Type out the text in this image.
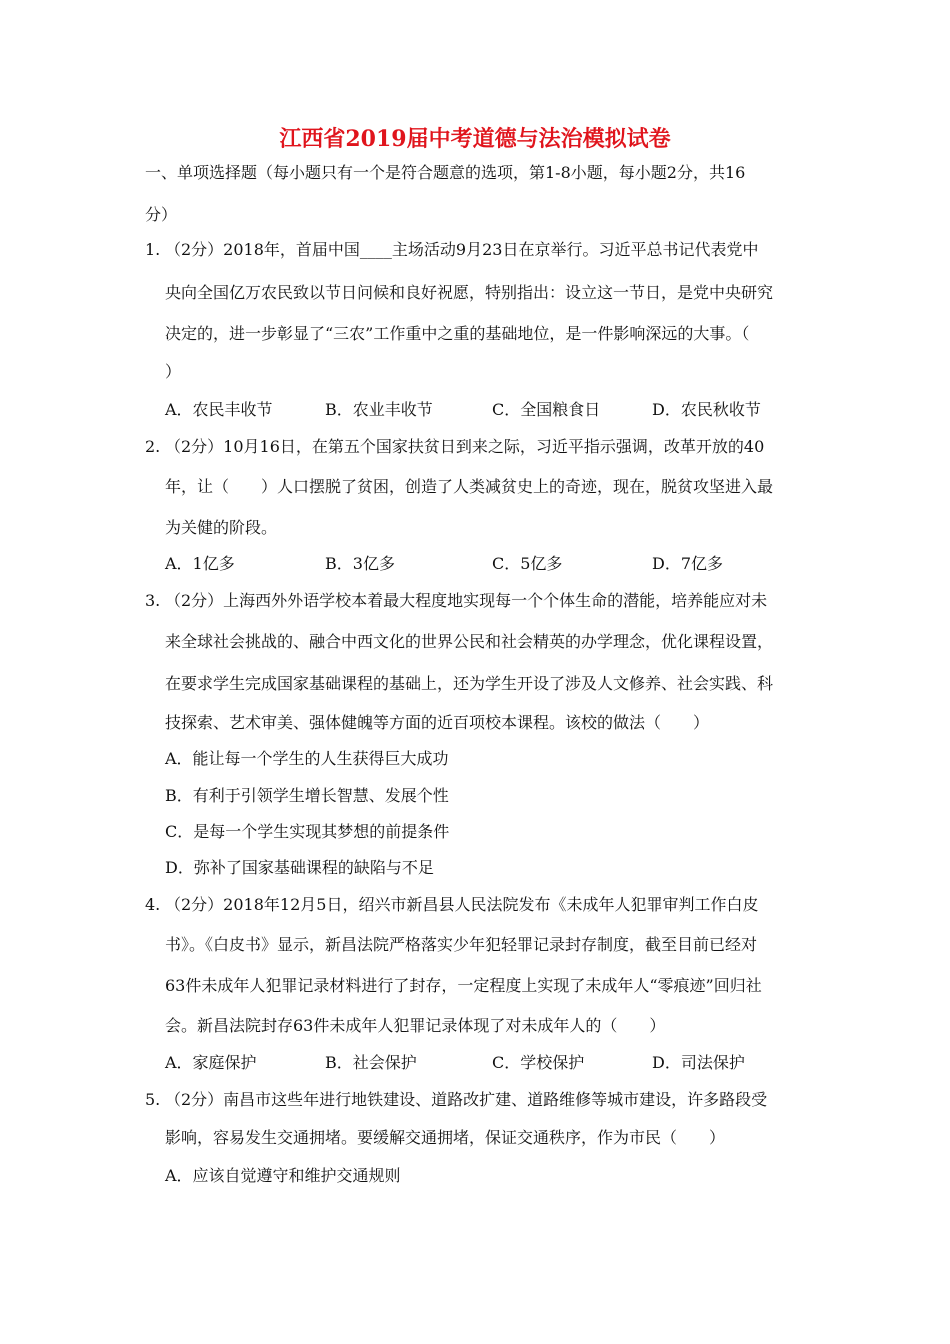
江西省2019届中考道德与法治模拟试卷
一、单项选择题（每小题只有一个是符合题意的选项，第1-8小题，每小题2分，共16
分）
1. （2分）2018年，首届中国____主场活动9月23日在京举行。习近平总书记代表党中
央向全国亿万农民致以节日问候和良好祝愿，特别指出：设立这一节日，是党中央研究
决定的，进一步彰显了“三农”工作重中之重的基础地位，是一件影响深远的大事。（
）
A．农民丰收节	B．农业丰收节	C．全国粮食日	D．农民秋收节
2. （2分）10月16日，在第五个国家扶贫日到来之际，习近平指示强调，改革开放的40
年，让（　　）人口摆脱了贫困，创造了人类减贫史上的奇迹，现在，脱贫攻坚进入最
为关健的阶段。
A．1亿多	B．3亿多	C．5亿多	D．7亿多
3. （2分）上海西外外语学校本着最大程度地实现每一个个体生命的潜能，培养能应对未
来全球社会挑战的、融合中西文化的世界公民和社会精英的办学理念，优化课程设置，
在要求学生完成国家基础课程的基础上，还为学生开设了涉及人文修养、社会实践、科
技探索、艺术审美、强体健魄等方面的近百项校本课程。该校的做法（　　）
A．能让每一个学生的人生获得巨大成功
B．有利于引领学生增长智慧、发展个性
C．是每一个学生实现其梦想的前提条件
D．弥补了国家基础课程的缺陷与不足
4. （2分）2018年12月5日，绍兴市新昌县人民法院发布《未成年人犯罪审判工作白皮
书》。《白皮书》显示，新昌法院严格落实少年犯轻罪记录封存制度，截至目前已经对
63件未成年人犯罪记录材料进行了封存，一定程度上实现了未成年人“零痕迹”回归社
会。新昌法院封存63件未成年人犯罪记录体现了对未成年人的（　　）
A．家庭保护	B．社会保护	C．学校保护	D．司法保护
5. （2分）南昌市这些年进行地铁建设、道路改扩建、道路维修等城市建设，许多路段受
影响，容易发生交通拥堵。要缓解交通拥堵，保证交通秩序，作为市民（　　）
A．应该自觉遵守和维护交通规则
